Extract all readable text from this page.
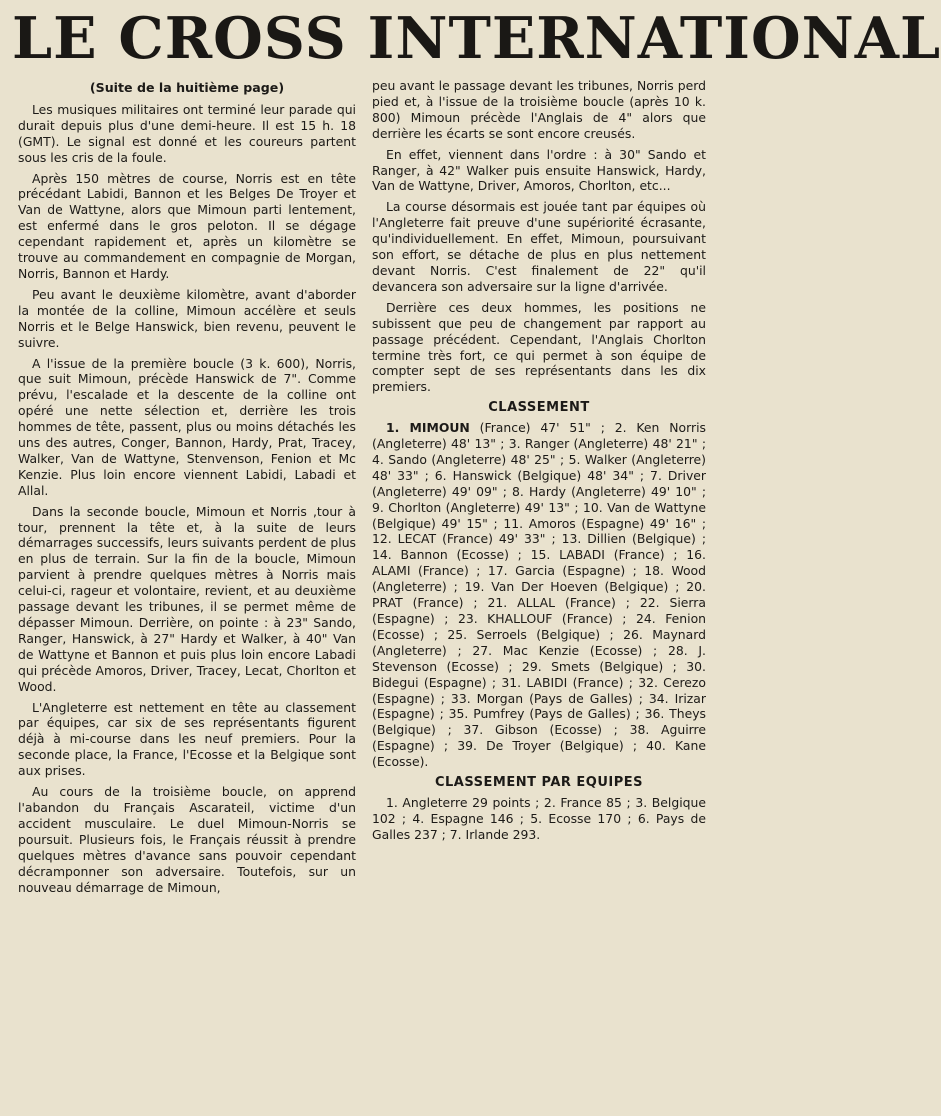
LE CROSS INTERNATIONAL
(Suite de la huitième page)

Les musiques militaires ont terminé leur parade qui durait depuis plus d'une demi-heure. Il est 15 h. 18 (GMT). Le signal est donné et les coureurs partent sous les cris de la foule.

Après 150 mètres de course, Norris est en tête précédant Labidi, Bannon et les Belges De Troyer et Van de Wattyne, alors que Mimoun parti lentement, est enfermé dans le gros peloton. Il se dégage cependant rapidement et, après un kilomètre se trouve au commandement en compagnie de Morgan, Norris, Bannon et Hardy.

Peu avant le deuxième kilomètre, avant d'aborder la montée de la colline, Mimoun accélère et seuls Norris et le Belge Hanswick, bien revenu, peuvent le suivre.

A l'issue de la première boucle (3 k. 600), Norris, que suit Mimoun, précède Hanswick de 7". Comme prévu, l'escalade et la descente de la colline ont opéré une nette sélection et, derrière les trois hommes de tête, passent, plus ou moins détachés les uns des autres, Conger, Bannon, Hardy, Prat, Tracey, Walker, Van de Wattyne, Stenvenson, Fenion et Mc Kenzie. Plus loin encore viennent Labidi, Labadi et Allal.

Dans la seconde boucle, Mimoun et Norris ,tour à tour, prennent la tête et, à la suite de leurs démarrages successifs, leurs suivants perdent de plus en plus de terrain. Sur la fin de la boucle, Mimoun parvient à prendre quelques mètres à Norris mais celui-ci, rageur et volontaire, revient, et au deuxième passage devant les tribunes, il se permet même de dépasser Mimoun. Derrière, on pointe : à 23" Sando, Ranger, Hanswick, à 27" Hardy et Walker, à 40" Van de Wattyne et Bannon et puis plus loin encore Labadi qui précède Amoros, Driver, Tracey, Lecat, Chorlton et Wood.

L'Angleterre est nettement en tête au classement par équipes, car six de ses représentants figurent déjà à mi-course dans les neuf premiers. Pour la seconde place, la France, l'Ecosse et la Belgique sont aux prises.

Au cours de la troisième boucle, on apprend l'abandon du Français Ascarateil, victime d'un accident musculaire. Le duel Mimoun-Norris se poursuit. Plusieurs fois, le Français réussit à prendre quelques mètres d'avance sans pouvoir cependant décramponner son adversaire. Toutefois, sur un nouveau démarrage de Mimoun,

peu avant le passage devant les tribunes, Norris perd pied et, à l'issue de la troisième boucle (après 10 k. 800) Mimoun précède l'Anglais de 4" alors que derrière les écarts se sont encore creusés.

En effet, viennent dans l'ordre : à 30" Sando et Ranger, à 42" Walker puis ensuite Hanswick, Hardy, Van de Wattyne, Driver, Amoros, Chorlton, etc...

La course désormais est jouée tant par équipes où l'Angleterre fait preuve d'une supériorité écrasante, qu'individuellement. En effet, Mimoun, poursuivant son effort, se détache de plus en plus nettement devant Norris. C'est finalement de 22" qu'il devancera son adversaire sur la ligne d'arrivée.

Derrière ces deux hommes, les positions ne subissent que peu de changement par rapport au passage précédent. Cependant, l'Anglais Chorlton termine très fort, ce qui permet à son équipe de compter sept de ses représentants dans les dix premiers.

CLASSEMENT

1. MIMOUN (France) 47' 51" ; 2. Ken Norris (Angleterre) 48' 13" ; 3. Ranger (Angleterre) 48' 21" ; 4. Sando (Angleterre) 48' 25" ; 5. Walker (Angleterre) 48' 33" ; 6. Hanswick (Belgique) 48' 34" ; 7. Driver (Angleterre) 49' 09" ; 8. Hardy (Angleterre) 49' 10" ; 9. Chorlton (Angleterre) 49' 13" ; 10. Van de Wattyne (Belgique) 49' 15" ; 11. Amoros (Espagne) 49' 16" ; 12. LECAT (France) 49' 33" ; 13. Dillien (Belgique) ; 14. Bannon (Ecosse) ; 15. LABADI (France) ; 16. ALAMI (France) ; 17. Garcia (Espagne) ; 18. Wood (Angleterre) ; 19. Van Der Hoeven (Belgique) ; 20. PRAT (France) ; 21. ALLAL (France) ; 22. Sierra (Espagne) ; 23. KHALLOUF (France) ; 24. Fenion (Ecosse) ; 25. Serroels (Belgique) ; 26. Maynard (Angleterre) ; 27. Mac Kenzie (Ecosse) ; 28. J. Stevenson (Ecosse) ; 29. Smets (Belgique) ; 30. Bidegui (Espagne) ; 31. LABIDI (France) ; 32. Cerezo (Espagne) ; 33. Morgan (Pays de Galles) ; 34. Irizar (Espagne) ; 35. Pumfrey (Pays de Galles) ; 36. Theys (Belgique) ; 37. Gibson (Ecosse) ; 38. Aguirre (Espagne) ; 39. De Troyer (Belgique) ; 40. Kane (Ecosse).

CLASSEMENT PAR EQUIPES

1. Angleterre 29 points ; 2. France 85 ; 3. Belgique 102 ; 4. Espagne 146 ; 5. Ecosse 170 ; 6. Pays de Galles 237 ; 7. Irlande 293.
